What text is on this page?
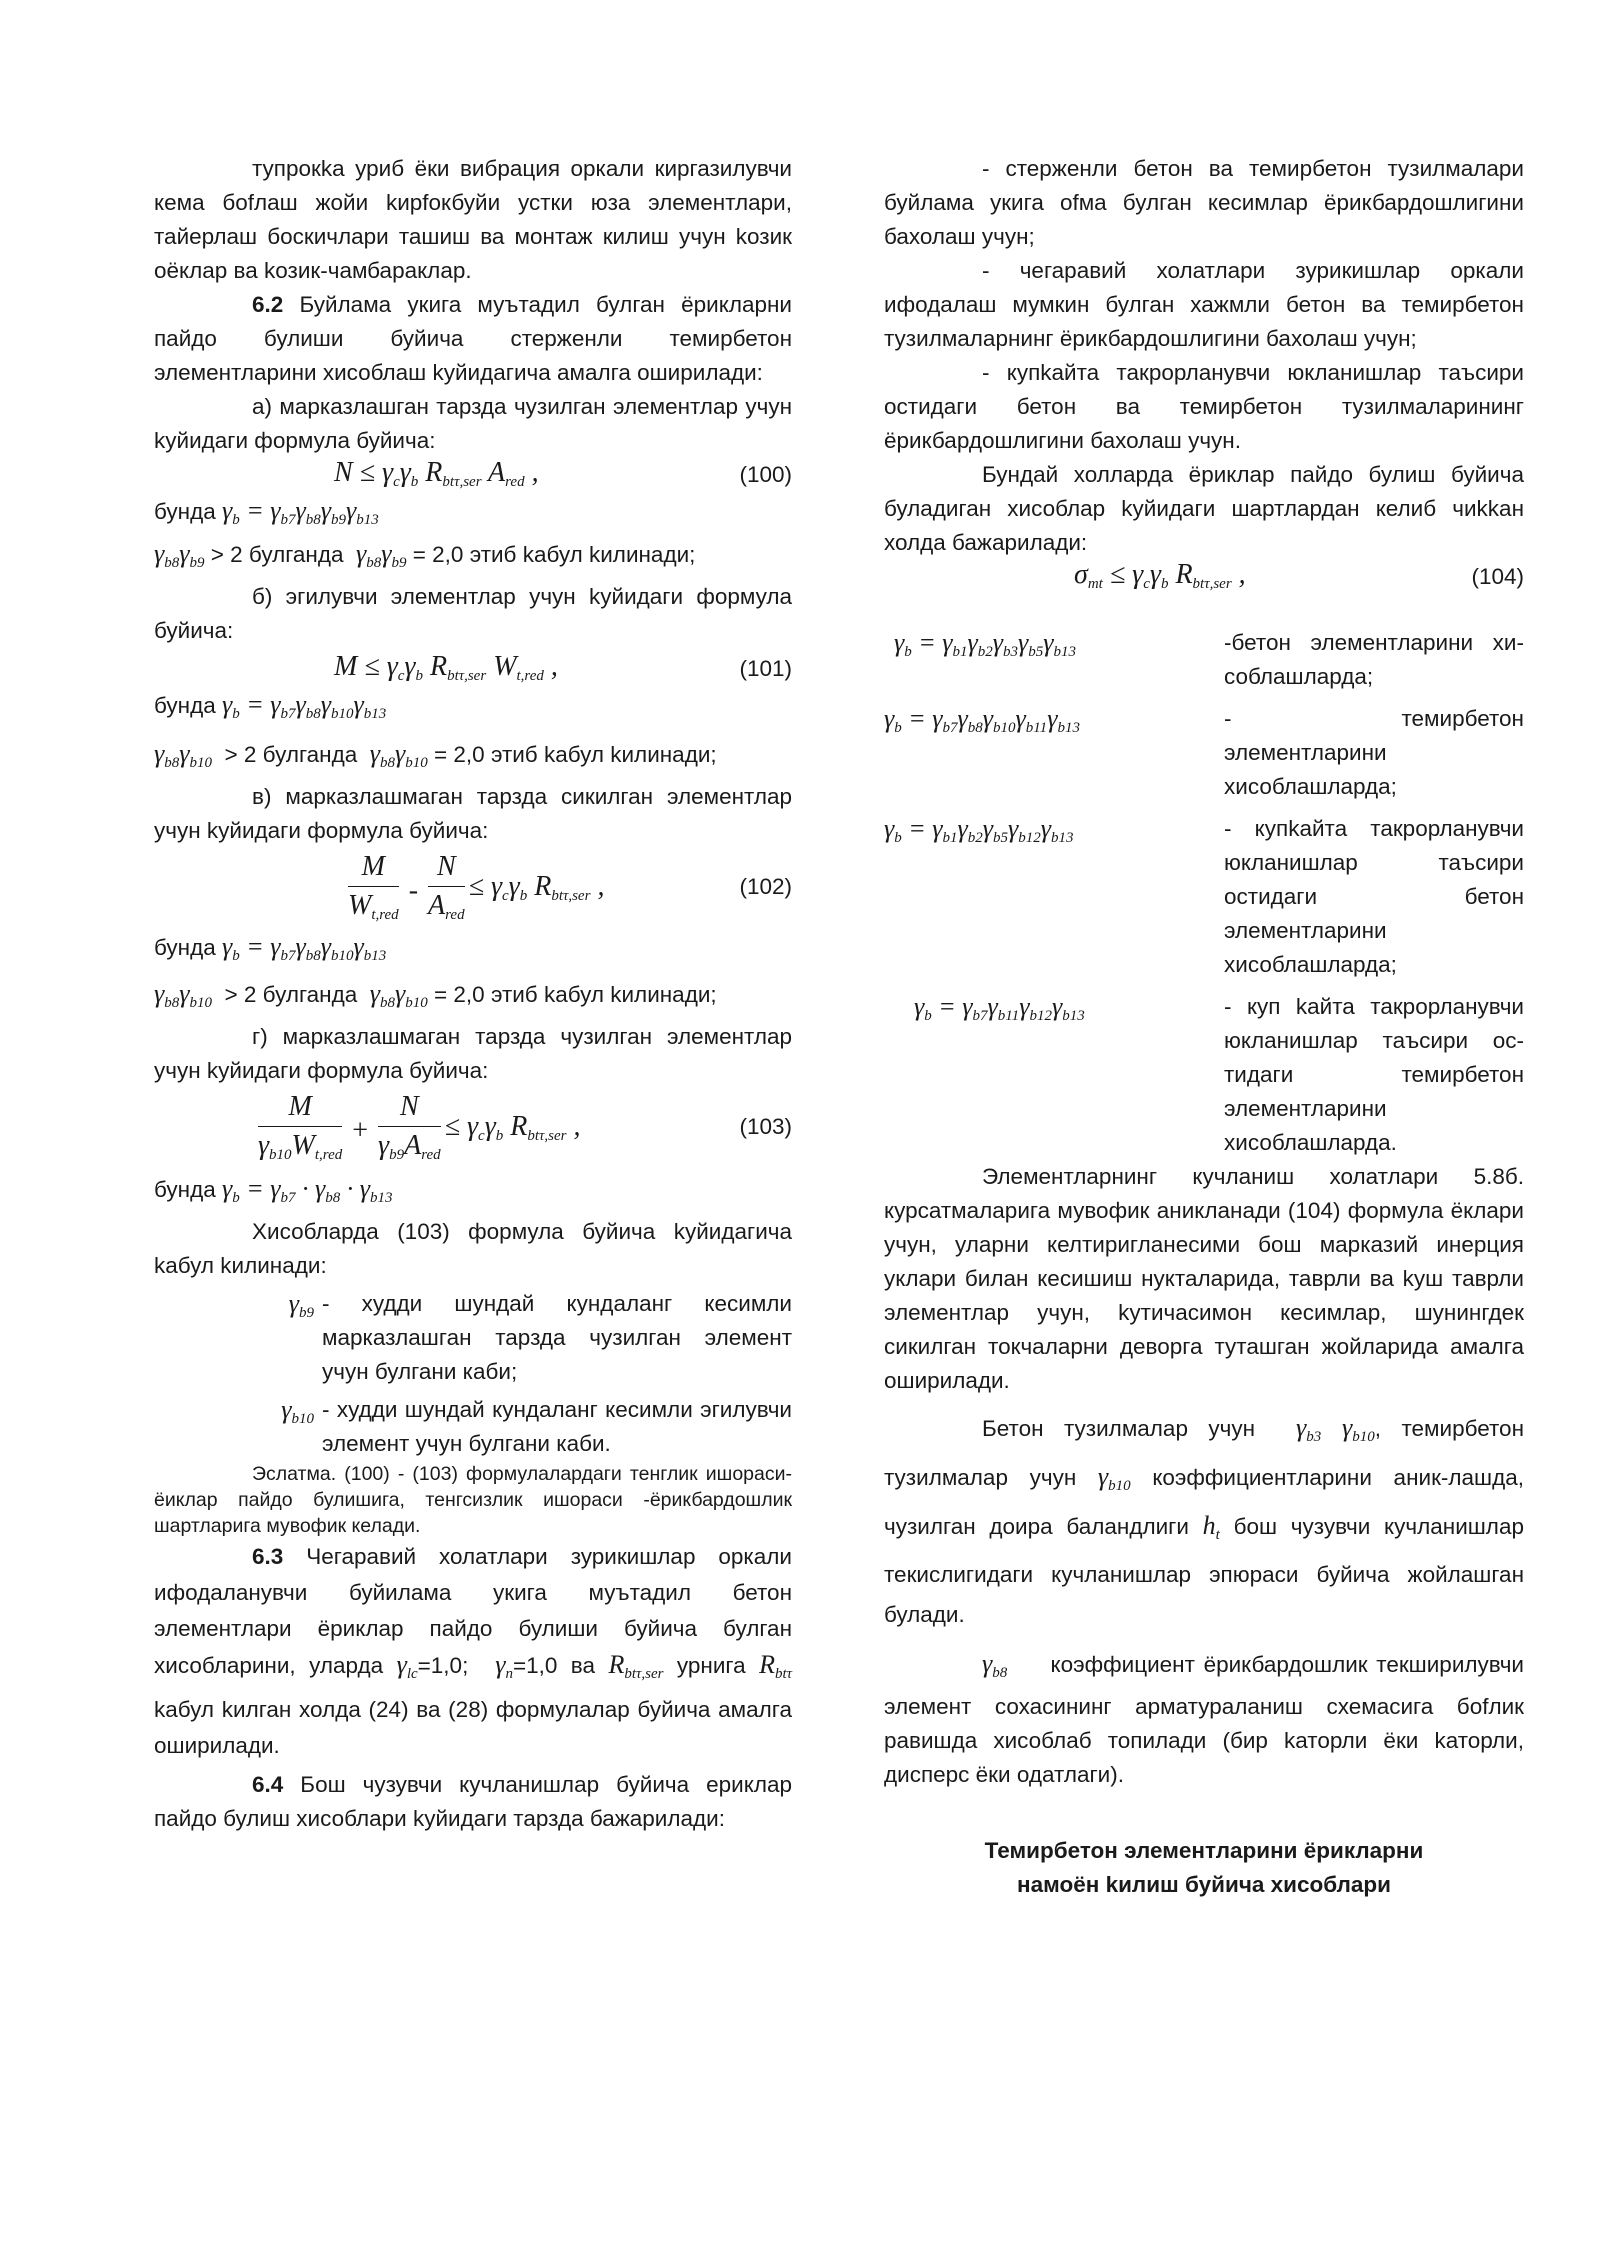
тупрокka уриб ёки вибрация оркали киргазилувчи кема боfлаш жойи kирfокбуйи устки юза элементлари, тайерлаш боскичлари ташиш ва монтаж килиш учун kозик оёклар ва kозик-чамбараклар.

6.2 Буйлама укига муътадил булган ёрикларни пайдо булиши буйича стерженли темирбетон элементларини хисоблаш kуйидагича амалга оширилади:

а) марказлашган тарзда чузилган элементлар учун kуйидаги формула буйича:

$N \le \gamma_c\gamma_b$ $R_{bt\tau,ser}$ $A_{red}$ ,	(100)

бунда $\gamma_b = \gamma_{b7}\gamma_{b8}\gamma_{b9}\gamma_{b13}$

$\gamma_{b8}\gamma_{b9} > 2$ булганда $\gamma_{b8}\gamma_{b9} = 2,0$ этиб kабул kилинади;

б) эгилувчи элементлар учун kуйидаги формула буйича:

$M \le \gamma_c\gamma_b$ $R_{bt\tau,ser}$ $W_{t,red}$ ,	(101)

бунда $\gamma_b = \gamma_{b7}\gamma_{b8}\gamma_{b10}\gamma_{b13}$

$\gamma_{b8}\gamma_{b10} > 2$ булганда $\gamma_{b8}\gamma_{b10} = 2,0$ этиб kабул kилинади;

в) марказлашмаган тарзда сикилган элементлар учун kуйидаги формула буйича:

$\frac{M}{W_{t,red}} - \frac{N}{A_{red}} \le \gamma_c\gamma_b$ $R_{bt\tau,ser}$ ,	(102)

бунда $\gamma_b = \gamma_{b7}\gamma_{b8}\gamma_{b10}\gamma_{b13}$

$\gamma_{b8}\gamma_{b10} > 2$ булганда $\gamma_{b8}\gamma_{b10} = 2,0$ этиб kабул kилинади;

г) марказлашмаган тарзда чузилган элементлар учун kуйидаги формула буйича:

$\frac{M}{\gamma_{b10}W_{t,red}} + \frac{N}{\gamma_{b9}A_{red}} \le \gamma_c\gamma_b$ $R_{bt\tau,ser}$ ,	(103)

бунда $\gamma_b = \gamma_{b7} \cdot \gamma_{b8} \cdot \gamma_{b13}$

Хисобларда (103) формула буйича kуйидагича kабул kилинади:

$\gamma_{b9}$ - худди шундай кундаланг кесимли марказлашган тарзда чузилган элемент учун булгани каби;
$\gamma_{b10}$ - худди шундай кундаланг кесимли эгилувчи элемент учун булгани каби.

Эслатма. (100) - (103) формулалардаги тенглик ишораси-ёиклар пайдо булишига, тенгсизлик ишораси -ёрикбардошлик шартларига мувофик келади.

6.3 Чегаравий холатлари зурикишлар оркали ифодаланувчи буйилама укига муътадил бетон элементлари ёриклар пайдо булиши буйича булган хисобларини, уларда $\gamma_{lc}=1,0$; $\gamma_n=1,0$ ва $R_{bt\tau,ser}$ урнига $R_{bt\tau}$ kабул kилган холда (24) ва (28) формулалар буйича амалга оширилади.

6.4 Бош чузувчи кучланишлар буйича ериклар пайдо булиш хисоблари kуйидаги тарзда бажарилади:

- стерженли бетон ва темирбетон тузилмалари буйлама укига оfма булган кесимлар ёрикбардошлигини бахолаш учун;

- чегаравий холатлари зурикишлар оркали ифодалаш мумкин булган хажмли бетон ва темирбетон тузилмаларнинг ёрикбардошлигини бахолаш учун;

- купkайта такрорланувчи юкланишлар таъсири остидаги бетон ва темирбетон тузилмаларининг ёрикбардошлигини бахолаш учун.

Бундай холларда ёриклар пайдо булиш буйича буладиган хисоблар kуйидаги шартлардан келиб чиkkан холда бажарилади:

$\sigma_{mt} \le \gamma_c\gamma_b$ $R_{bt\tau,ser}$ ,	(104)
$\gamma_b = \gamma_{b1}\gamma_{b2}\gamma_{b3}\gamma_{b5}\gamma_{b13}$	-бетон элементларини хи-соблашларда;
$\gamma_b = \gamma_{b7}\gamma_{b8}\gamma_{b10}\gamma_{b11}\gamma_{b13}$	- темирбетон элементларини хисоблашларда;
$\gamma_b = \gamma_{b1}\gamma_{b2}\gamma_{b5}\gamma_{b12}\gamma_{b13}$	- купkайта такрорланувчи юкланишлар таъсири остидаги бетон элементларини хисоблашларда;
$\gamma_b = \gamma_{b7}\gamma_{b11}\gamma_{b12}\gamma_{b13}$	- куп kайта такрорланувчи юкланишлар таъсири ос-тидаги темирбетон элементларини хисоблашларда.

Элементларнинг кучланиш холатлари 5.8б. курсатмаларига мувофик аникланади (104) формула ёклари учун, уларни келтиригланесими бош марказий инерция уклари билан кесишиш нукталарида, таврли ва kуш таврли элементлар учун, kутичасимон кесимлар, шунингдек сикилган токчаларни деворга туташган жойларида амалга оширилади.

Бетон тузилмалар учун $\gamma_{b3}$ $\gamma_{b10}$, темирбетон тузилмалар учун $\gamma_{b10}$ коэффициентларини аник-лашда, чузилган доира баландлиги $h_t$ бош чузувчи кучланишлар текислигидаги кучланишлар эпюраси буйича жойлашган булади.

$\gamma_{b8}$ коэффициент ёрикбардошлик текширилувчи элемент сохасининг арматураланиш схемасига боfлик равишда хисоблаб топилади (бир kаторли ёки kаторли, дисперс ёки одатлаги).

Темирбетон элементларини ёрикларни

намоён kилиш буйича хисоблари
